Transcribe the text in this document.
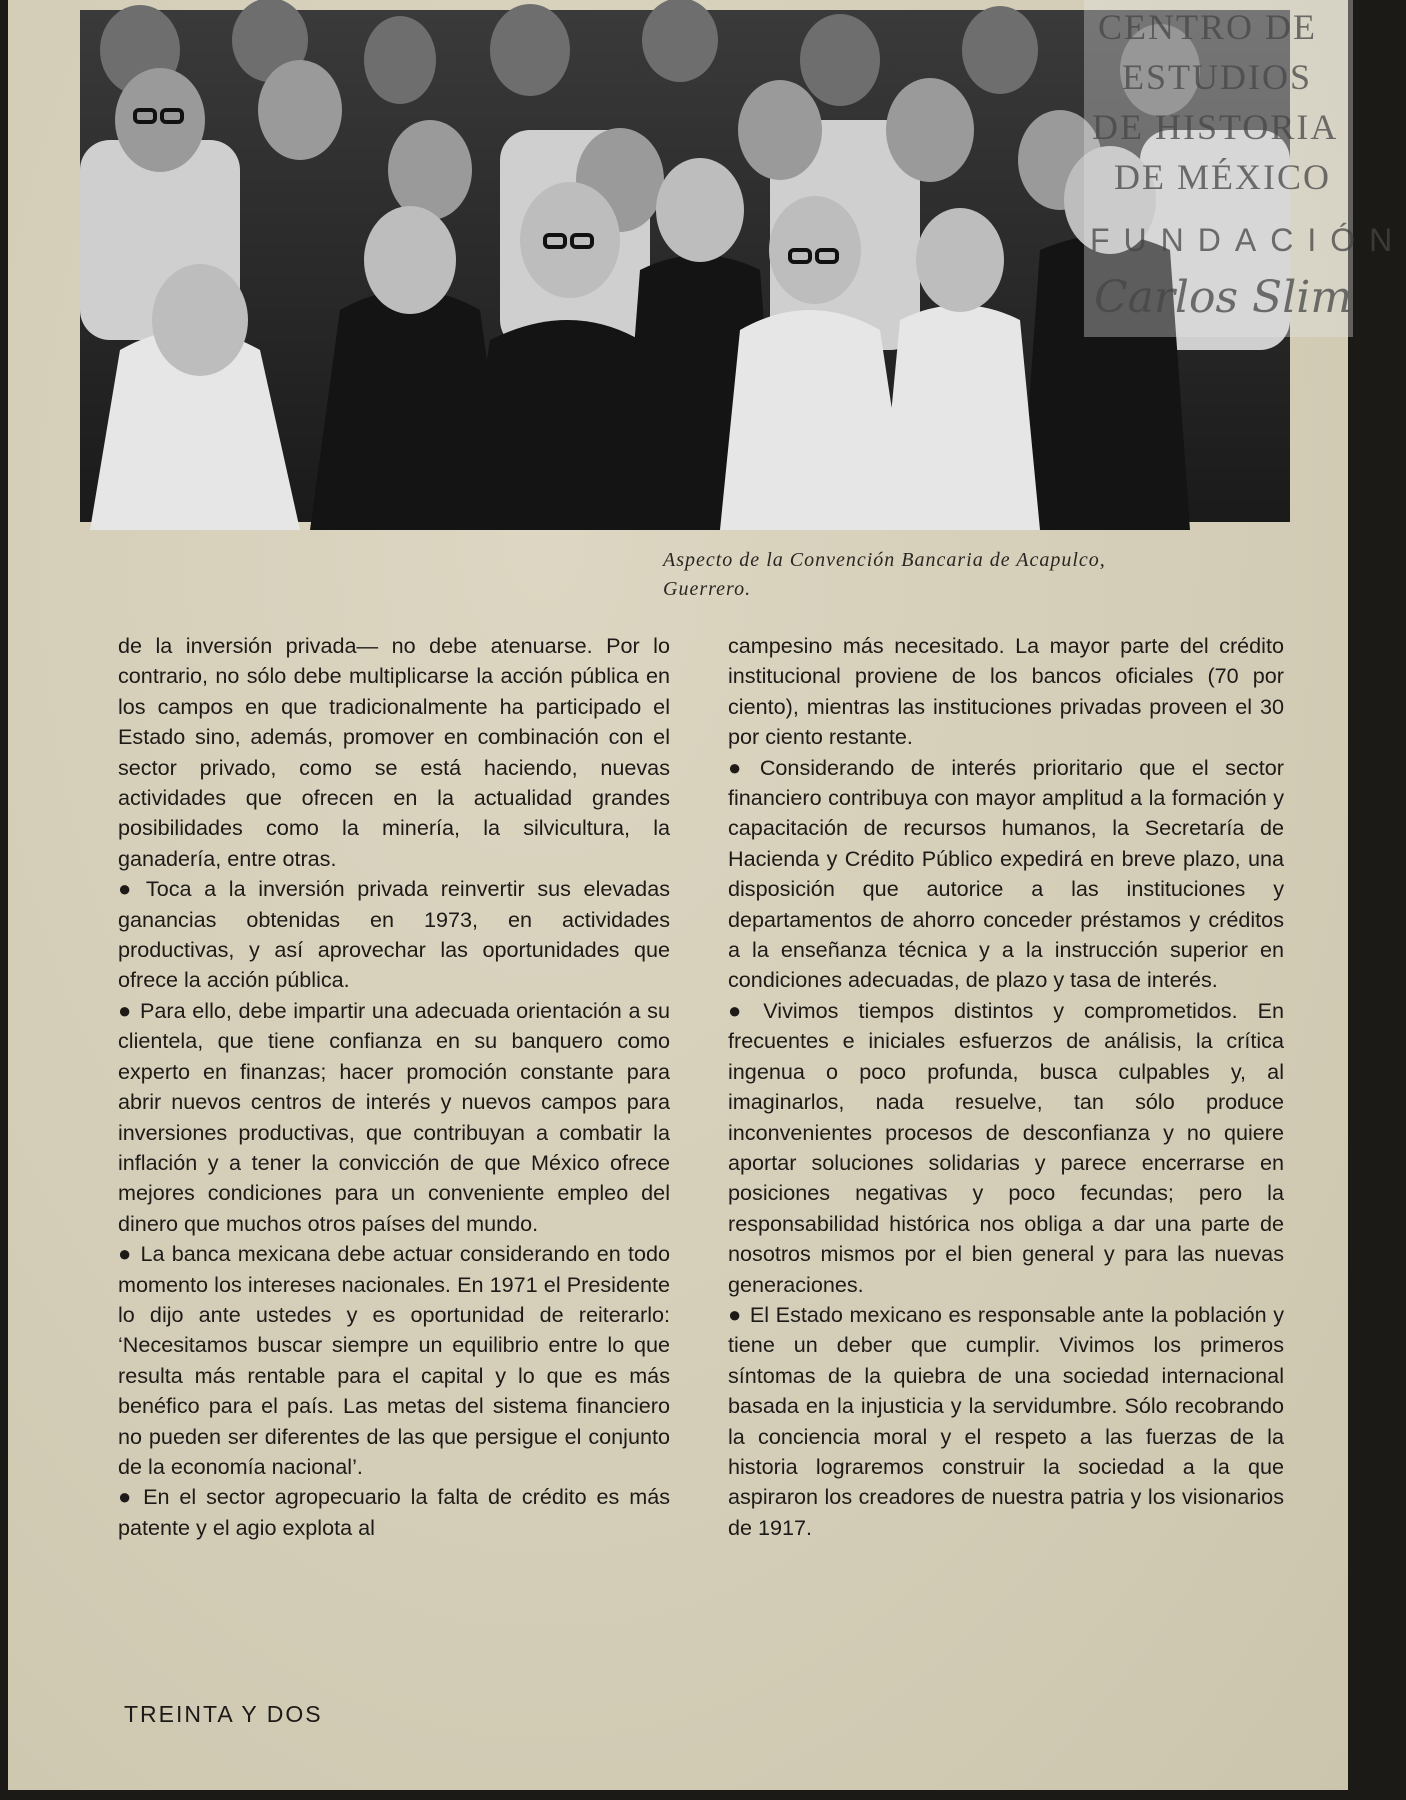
Aspecto de la Convención Bancaria de Acapulco,
Guerrero.

de la inversión privada— no debe atenuarse. Por lo contrario, no sólo debe multiplicarse la acción pública en los campos en que tradicionalmente ha participado el Estado sino, además, promover en combinación con el sector privado, como se está haciendo, nuevas actividades que ofrecen en la actualidad grandes posibilidades como la minería, la silvicultura, la ganadería, entre otras.

● Toca a la inversión privada reinvertir sus elevadas ganancias obtenidas en 1973, en actividades productivas, y así aprovechar las oportunidades que ofrece la acción pública.

● Para ello, debe impartir una adecuada orientación a su clientela, que tiene confianza en su banquero como experto en finanzas; hacer promoción constante para abrir nuevos centros de interés y nuevos campos para inversiones productivas, que contribuyan a combatir la inflación y a tener la convicción de que México ofrece mejores condiciones para un conveniente empleo del dinero que muchos otros países del mundo.

● La banca mexicana debe actuar considerando en todo momento los intereses nacionales. En 1971 el Presidente lo dijo ante ustedes y es oportunidad de reiterarlo: ‘Necesitamos buscar siempre un equilibrio entre lo que resulta más rentable para el capital y lo que es más benéfico para el país. Las metas del sistema financiero no pueden ser diferentes de las que persigue el conjunto de la economía nacional’.

● En el sector agropecuario la falta de crédito es más patente y el agio explota al

campesino más necesitado. La mayor parte del crédito institucional proviene de los bancos oficiales (70 por ciento), mientras las instituciones privadas proveen el 30 por ciento restante.

● Considerando de interés prioritario que el sector financiero contribuya con mayor amplitud a la formación y capacitación de recursos humanos, la Secretaría de Hacienda y Crédito Público expedirá en breve plazo, una disposición que autorice a las instituciones y departamentos de ahorro conceder préstamos y créditos a la enseñanza técnica y a la instrucción superior en condiciones adecuadas, de plazo y tasa de interés.

● Vivimos tiempos distintos y comprometidos. En frecuentes e iniciales esfuerzos de análisis, la crítica ingenua o poco profunda, busca culpables y, al imaginarlos, nada resuelve, tan sólo produce inconvenientes procesos de desconfianza y no quiere aportar soluciones solidarias y parece encerrarse en posiciones negativas y poco fecundas; pero la responsabilidad histórica nos obliga a dar una parte de nosotros mismos por el bien general y para las nuevas generaciones.

● El Estado mexicano es responsable ante la población y tiene un deber que cumplir. Vivimos los primeros síntomas de la quiebra de una sociedad internacional basada en la injusticia y la servidumbre. Sólo recobrando la conciencia moral y el respeto a las fuerzas de la historia lograremos construir la sociedad a la que aspiraron los creadores de nuestra patria y los visionarios de 1917.

TREINTA Y DOS
CENTRO DE
ESTUDIOS
DE HISTORIA
DE MÉXICO
FUNDACIÓN
Carlos Slim
